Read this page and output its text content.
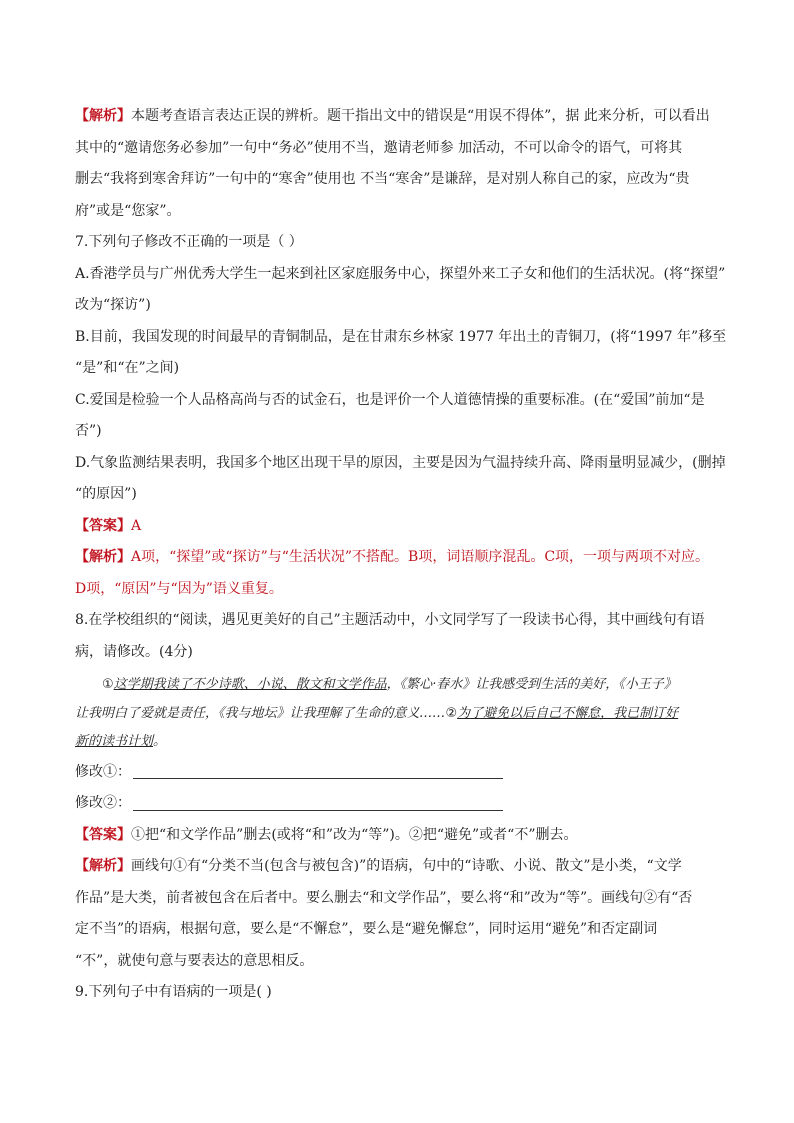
【解析】本题考查语言表达正误的辨析。题干指出文中的错误是“用误不得体”，据 此来分析，可以看出

其中的“邀请您务必参加”一句中“务必”使用不当，邀请老师参 加活动，不可以命令的语气，可将其

删去“我将到寒舍拜访”一句中的“寒舍”使用也 不当“寒舍”是谦辞，是对别人称自己的家，应改为“贵

府”或是“您家”。

7.下列句子修改不正确的一项是（ ）

A.香港学员与广州优秀大学生一起来到社区家庭服务中心，探望外来工子女和他们的生活状况。(将“探望”

改为“探访”)

B.目前，我国发现的时间最早的青铜制品，是在甘肃东乡林家 1977 年出土的青铜刀，(将“1997 年”移至

“是”和“在”之间)

C.爱国是检验一个人品格高尚与否的试金石，也是评价一个人道德情操的重要标准。(在“爱国”前加“是

否”)

D.气象监测结果表明，我国多个地区出现干旱的原因，主要是因为气温持续升高、降雨量明显减少，(删掉

“的原因”)

【答案】A

【解析】A项，“探望”或“探访”与“生活状况”不搭配。B项，词语顺序混乱。C项，一项与两项不对应。

D项，“原因”与“因为”语义重复。

8.在学校组织的“阅读，遇见更美好的自己”主题活动中，小文同学写了一段读书心得，其中画线句有语

病，请修改。(4分)

①这学期我读了不少诗歌、小说、散文和文学作品，《繁心·春水》让我感受到生活的美好，《小王子》

让我明白了爱就是责任，《我与地坛》让我理解了生命的意义……②为了避免以后自己不懈怠，我已制订好

新的读书计划。

修改①：

修改②：

【答案】①把“和文学作品”删去(或将“和”改为“等”)。②把“避免”或者“不”删去。

【解析】画线句①有“分类不当(包含与被包含)”的语病，句中的“诗歌、小说、散文”是小类，“文学

作品”是大类，前者被包含在后者中。要么删去“和文学作品”，要么将“和”改为“等”。画线句②有“否

定不当”的语病，根据句意，要么是“不懈怠”，要么是“避免懈怠”，同时运用“避免”和否定副词

“不”，就使句意与要表达的意思相反。

9.下列句子中有语病的一项是( )
